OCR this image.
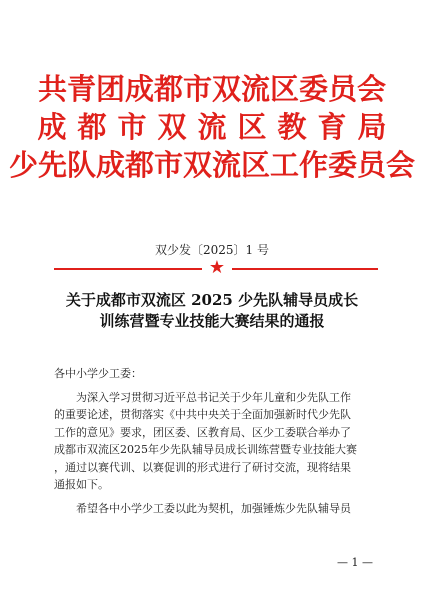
共青团成都市双流区委员会
成都市双流区教育局
少先队成都市双流区工作委员会
双少发〔2025〕1 号
★
关于成都市双流区 2025 少先队辅导员成长
训练营暨专业技能大赛结果的通报
各中小学少工委：
为深入学习贯彻习近平总书记关于少年儿童和少先队工作
的重要论述，贯彻落实《中共中央关于全面加强新时代少先队
工作的意见》要求，团区委、区教育局、区少工委联合举办了
成都市双流区2025年少先队辅导员成长训练营暨专业技能大赛
，通过以赛代训、以赛促训的形式进行了研讨交流，现将结果
通报如下。
希望各中小学少工委以此为契机，加强锤炼少先队辅导员
— 1 —
